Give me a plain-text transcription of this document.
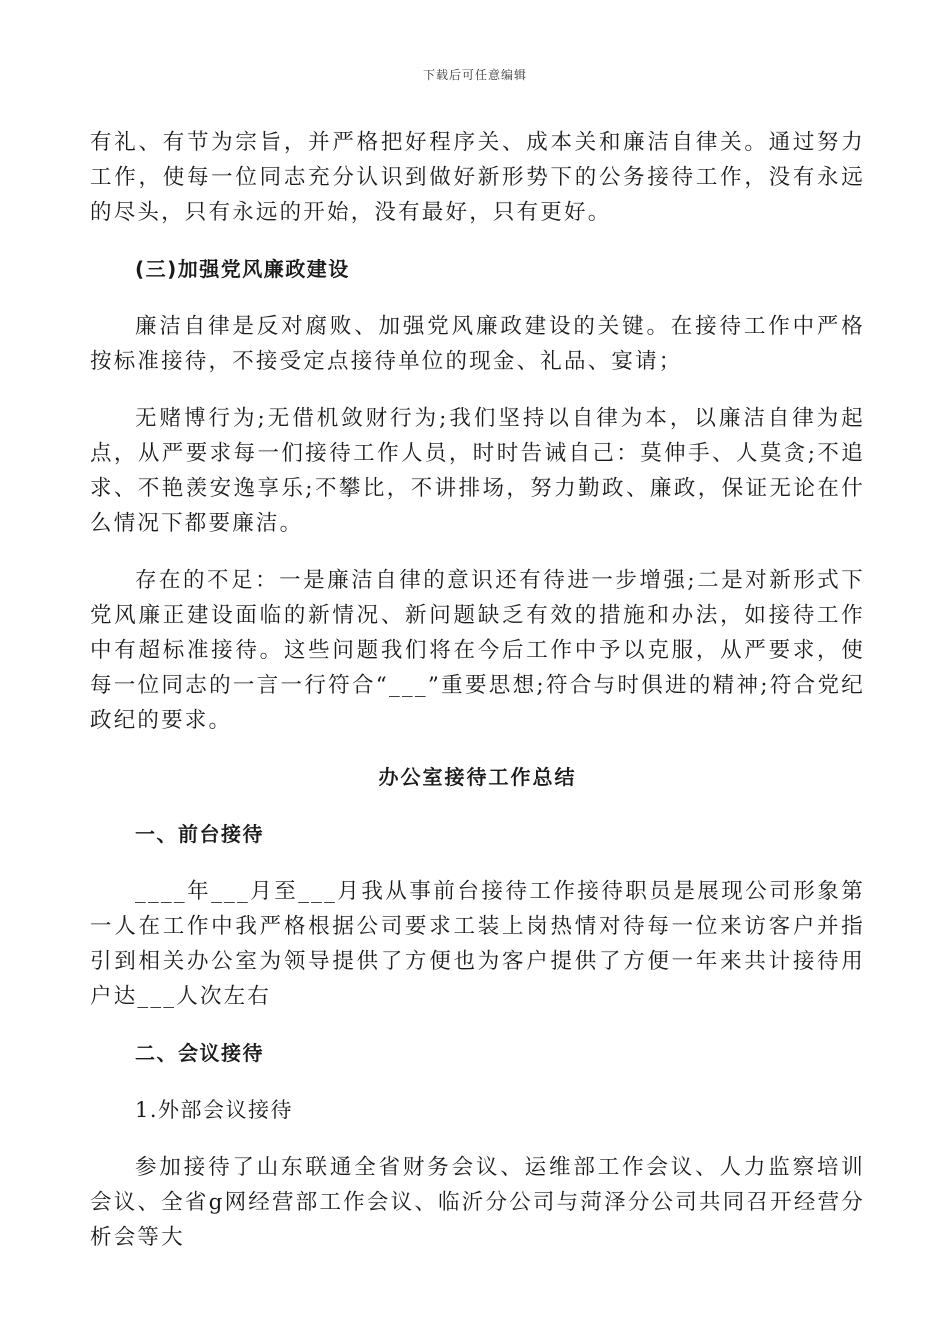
下载后可任意编辑

有礼、有节为宗旨，并严格把好程序关、成本关和廉洁自律关。通过努力工作，使每一位同志充分认识到做好新形势下的公务接待工作，没有永远的尽头，只有永远的开始，没有最好，只有更好。

(三)加强党风廉政建设

廉洁自律是反对腐败、加强党风廉政建设的关键。在接待工作中严格按标准接待，不接受定点接待单位的现金、礼品、宴请；

无赌博行为;无借机敛财行为;我们坚持以自律为本，以廉洁自律为起点，从严要求每一们接待工作人员，时时告诫自己：莫伸手、人莫贪;不追求、不艳羡安逸享乐;不攀比，不讲排场，努力勤政、廉政，保证无论在什么情况下都要廉洁。

存在的不足：一是廉洁自律的意识还有待进一步增强;二是对新形式下党风廉正建设面临的新情况、新问题缺乏有效的措施和办法，如接待工作中有超标准接待。这些问题我们将在今后工作中予以克服，从严要求，使每一位同志的一言一行符合“___”重要思想;符合与时俱进的精神;符合党纪政纪的要求。

办公室接待工作总结

一、前台接待

____年___月至___月我从事前台接待工作接待职员是展现公司形象第一人在工作中我严格根据公司要求工装上岗热情对待每一位来访客户并指引到相关办公室为领导提供了方便也为客户提供了方便一年来共计接待用户达___人次左右

二、会议接待

1.外部会议接待

参加接待了山东联通全省财务会议、运维部工作会议、人力监察培训会议、全省g网经营部工作会议、临沂分公司与菏泽分公司共同召开经营分析会等大
